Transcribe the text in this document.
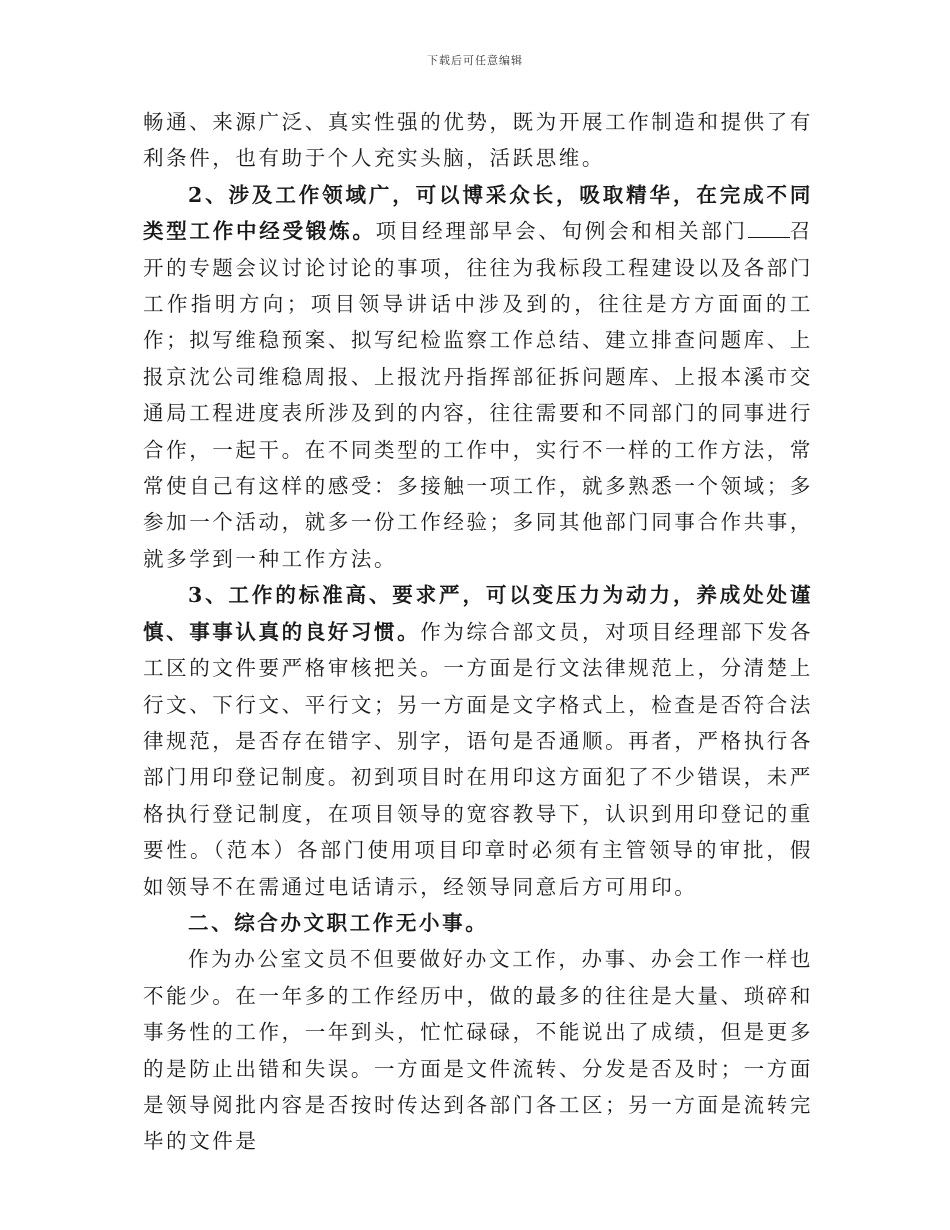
下载后可任意编辑

畅通、来源广泛、真实性强的优势，既为开展工作制造和提供了有利条件，也有助于个人充实头脑，活跃思维。

2、涉及工作领域广，可以博采众长，吸取精华，在完成不同类型工作中经受锻炼。项目经理部早会、旬例会和相关部门 召开的专题会议讨论讨论的事项，往往为我标段工程建设以及各部门工作指明方向；项目领导讲话中涉及到的，往往是方方面面的工作；拟写维稳预案、拟写纪检监察工作总结、建立排查问题库、上报京沈公司维稳周报、上报沈丹指挥部征拆问题库、上报本溪市交通局工程进度表所涉及到的内容，往往需要和不同部门的同事进行合作，一起干。在不同类型的工作中，实行不一样的工作方法，常常使自己有这样的感受：多接触一项工作，就多熟悉一个领域；多参加一个活动，就多一份工作经验；多同其他部门同事合作共事，就多学到一种工作方法。

3、工作的标准高、要求严，可以变压力为动力，养成处处谨慎、事事认真的良好习惯。作为综合部文员，对项目经理部下发各工区的文件要严格审核把关。一方面是行文法律规范上，分清楚上行文、下行文、平行文；另一方面是文字格式上，检查是否符合法律规范，是否存在错字、别字，语句是否通顺。再者，严格执行各部门用印登记制度。初到项目时在用印这方面犯了不少错误，未严格执行登记制度，在项目领导的宽容教导下，认识到用印登记的重要性。（范本）各部门使用项目印章时必须有主管领导的审批，假如领导不在需通过电话请示，经领导同意后方可用印。

二、综合办文职工作无小事。

作为办公室文员不但要做好办文工作，办事、办会工作一样也不能少。在一年多的工作经历中，做的最多的往往是大量、琐碎和事务性的工作，一年到头，忙忙碌碌，不能说出了成绩，但是更多的是防止出错和失误。一方面是文件流转、分发是否及时；一方面是领导阅批内容是否按时传达到各部门各工区；另一方面是流转完毕的文件是
